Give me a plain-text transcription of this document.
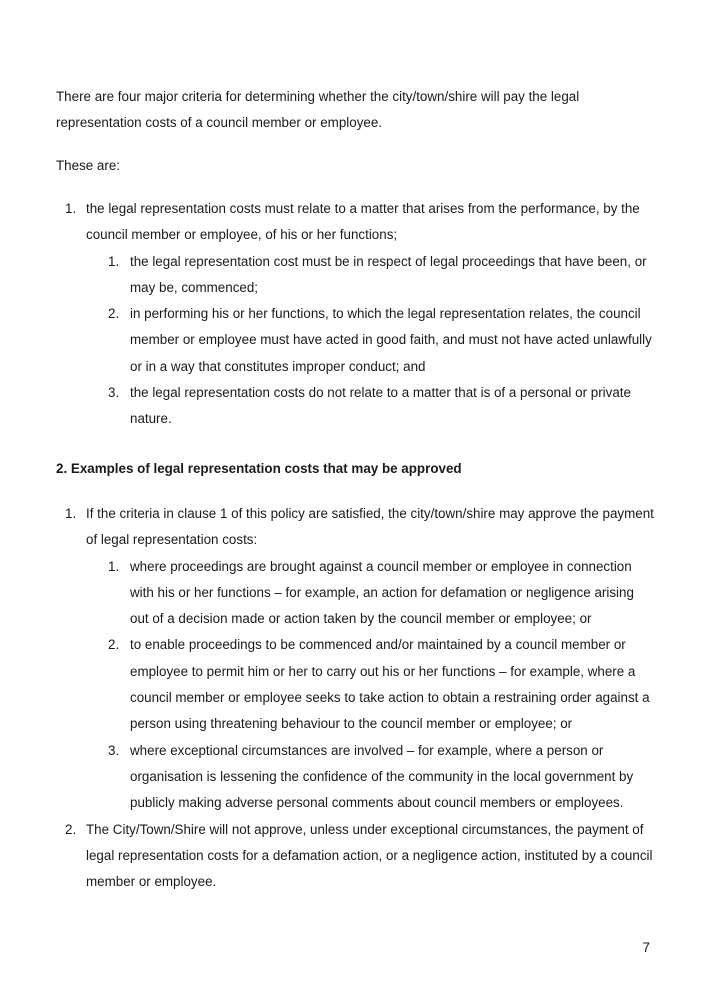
There are four major criteria for determining whether the city/town/shire will pay the legal representation costs of a council member or employee.

These are:

1. the legal representation costs must relate to a matter that arises from the performance, by the council member or employee, of his or her functions;
1. the legal representation cost must be in respect of legal proceedings that have been, or may be, commenced;
2. in performing his or her functions, to which the legal representation relates, the council member or employee must have acted in good faith, and must not have acted unlawfully or in a way that constitutes improper conduct; and
3. the legal representation costs do not relate to a matter that is of a personal or private nature.
2. Examples of legal representation costs that may be approved
1. If the criteria in clause 1 of this policy are satisfied, the city/town/shire may approve the payment of legal representation costs:
1. where proceedings are brought against a council member or employee in connection with his or her functions – for example, an action for defamation or negligence arising out of a decision made or action taken by the council member or employee; or
2. to enable proceedings to be commenced and/or maintained by a council member or employee to permit him or her to carry out his or her functions – for example, where a council member or employee seeks to take action to obtain a restraining order against a person using threatening behaviour to the council member or employee; or
3. where exceptional circumstances are involved – for example, where a person or organisation is lessening the confidence of the community in the local government by publicly making adverse personal comments about council members or employees.
2. The City/Town/Shire will not approve, unless under exceptional circumstances, the payment of legal representation costs for a defamation action, or a negligence action, instituted by a council member or employee.
7
